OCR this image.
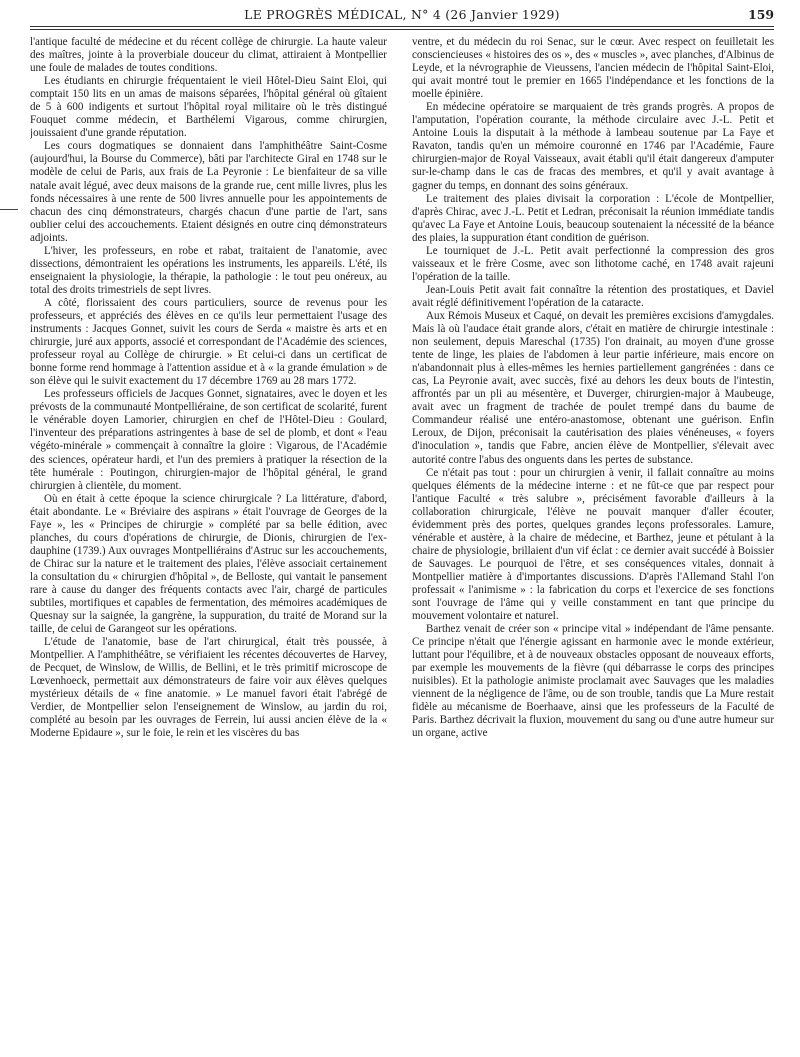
LE PROGRÈS MÉDICAL, N° 4 (26 Janvier 1929)	159

l'antique faculté de médecine et du récent collège de chirurgie. La haute valeur des maîtres, jointe à la proverbiale douceur du climat, attiraient à Montpellier une foule de malades de toutes conditions.

Les étudiants en chirurgie fréquentaient le vieil Hôtel-Dieu Saint Eloi, qui comptait 150 lits en un amas de maisons séparées, l'hôpital général où gîtaient de 5 à 600 indigents et surtout l'hôpital royal militaire où le très distingué Fouquet comme médecin, et Barthélemi Vigarous, comme chirurgien, jouissaient d'une grande réputation.

Les cours dogmatiques se donnaient dans l'amphithéâtre Saint-Cosme (aujourd'hui, la Bourse du Commerce), bâti par l'architecte Giral en 1748 sur le modèle de celui de Paris, aux frais de La Peyronie : Le bienfaiteur de sa ville natale avait légué, avec deux maisons de la grande rue, cent mille livres, plus les fonds nécessaires à une rente de 500 livres annuelle pour les appointements de chacun des cinq démonstrateurs, chargés chacun d'une partie de l'art, sans oublier celui des accouchements. Etaient désignés en outre cinq démonstrateurs adjoints.

L'hiver, les professeurs, en robe et rabat, traitaient de l'anatomie, avec dissections, démontraient les opérations les instruments, les appareils. L'été, ils enseignaient la physiologie, la thérapie, la pathologie : le tout peu onéreux, au total des droits trimestriels de sept livres.

A côté, florissaient des cours particuliers, source de revenus pour les professeurs, et appréciés des élèves en ce qu'ils leur permettaient l'usage des instruments : Jacques Gonnet, suivit les cours de Serda « maistre ès arts et en chirurgie, juré aux apports, associé et correspondant de l'Académie des sciences, professeur royal au Collège de chirurgie. » Et celui-ci dans un certificat de bonne forme rend hommage à l'attention assidue et à « la grande émulation » de son élève qui le suivit exactement du 17 décembre 1769 au 28 mars 1772.

Les professeurs officiels de Jacques Gonnet, signataires, avec le doyen et les prévosts de la communauté Montpelliéraine, de son certificat de scolarité, furent le vénérable doyen Lamorier, chirurgien en chef de l'Hôtel-Dieu : Goulard, l'inventeur des préparations astringentes à base de sel de plomb, et dont « l'eau végéto-minérale » commençait à connaître la gloire : Vigarous, de l'Académie des sciences, opérateur hardi, et l'un des premiers à pratiquer la résection de la tête humérale : Poutingon, chirurgien-major de l'hôpital général, le grand chirurgien à clientèle, du moment.

Où en était à cette époque la science chirurgicale ? La littérature, d'abord, était abondante. Le « Bréviaire des aspirans » était l'ouvrage de Georges de la Faye », les « Principes de chirurgie » complété par sa belle édition, avec planches, du cours d'opérations de chirurgie, de Dionis, chirurgien de l'ex-dauphine (1739.) Aux ouvrages Montpelliérains d'Astruc sur les accouchements, de Chirac sur la nature et le traitement des plaies, l'élève associait certainement la consultation du « chirurgien d'hôpital », de Belloste, qui vantait le pansement rare à cause du danger des fréquents contacts avec l'air, chargé de particules subtiles, mortifiques et capables de fermentation, des mémoires académiques de Quesnay sur la saignée, la gangrène, la suppuration, du traité de Morand sur la taille, de celui de Garangeot sur les opérations.

L'étude de l'anatomie, base de l'art chirurgical, était très poussée, à Montpellier. A l'amphithéâtre, se vérifiaient les récentes découvertes de Harvey, de Pecquet, de Winslow, de Willis, de Bellini, et le très primitif microscope de Lœvenhoeck, permettait aux démonstrateurs de faire voir aux élèves quelques mystérieux détails de « fine anatomie. » Le manuel favori était l'abrégé de Verdier, de Montpellier selon l'enseignement de Winslow, au jardin du roi, complété au besoin par les ouvrages de Ferrein, lui aussi ancien élève de la « Moderne Epidaure », sur le foie, le rein et les viscères du bas

ventre, et du médecin du roi Senac, sur le cœur. Avec respect on feuilletait les consciencieuses « histoires des os », des « muscles », avec planches, d'Albinus de Leyde, et la névrographie de Vieussens, l'ancien médecin de l'hôpital Saint-Eloi, qui avait montré tout le premier en 1665 l'indépendance et les fonctions de la moelle épinière.

En médecine opératoire se marquaient de très grands progrès. A propos de l'amputation, l'opération courante, la méthode circulaire avec J.-L. Petit et Antoine Louis la disputait à la méthode à lambeau soutenue par La Faye et Ravaton, tandis qu'en un mémoire couronné en 1746 par l'Académie, Faure chirurgien-major de Royal Vaisseaux, avait établi qu'il était dangereux d'amputer sur-le-champ dans le cas de fracas des membres, et qu'il y avait avantage à gagner du temps, en donnant des soins généraux.

Le traitement des plaies divisait la corporation : L'école de Montpellier, d'après Chirac, avec J.-L. Petit et Ledran, préconisait la réunion immédiate tandis qu'avec La Faye et Antoine Louis, beaucoup soutenaient la nécessité de la béance des plaies, la suppuration étant condition de guérison.

Le tourniquet de J.-L. Petit avait perfectionné la compression des gros vaisseaux et le frère Cosme, avec son lithotome caché, en 1748 avait rajeuni l'opération de la taille.

Jean-Louis Petit avait fait connaître la rétention des prostatiques, et Daviel avait réglé définitivement l'opération de la cataracte.

Aux Rémois Museux et Caqué, on devait les premières excisions d'amygdales. Mais là où l'audace était grande alors, c'était en matière de chirurgie intestinale : non seulement, depuis Mareschal (1735) l'on drainait, au moyen d'une grosse tente de linge, les plaies de l'abdomen à leur partie inférieure, mais encore on n'abandonnait plus à elles-mêmes les hernies partiellement gangrénées : dans ce cas, La Peyronie avait, avec succès, fixé au dehors les deux bouts de l'intestin, affrontés par un pli au mésentère, et Duverger, chirurgien-major à Maubeuge, avait avec un fragment de trachée de poulet trempé dans du baume de Commandeur réalisé une entéro-anastomose, obtenant une guérison. Enfin Leroux, de Dijon, préconisait la cautérisation des plaies vénéneuses, « foyers d'inoculation », tandis que Fabre, ancien élève de Montpellier, s'élevait avec autorité contre l'abus des onguents dans les pertes de substance.

Ce n'était pas tout : pour un chirurgien à venir, il fallait connaître au moins quelques éléments de la médecine interne : et ne fût-ce que par respect pour l'antique Faculté « très salubre », précisément favorable d'ailleurs à la collaboration chirurgicale, l'élève ne pouvait manquer d'aller écouter, évidemment près des portes, quelques grandes leçons professorales. Lamure, vénérable et austère, à la chaire de médecine, et Barthez, jeune et pétulant à la chaire de physiologie, brillaient d'un vif éclat : ce dernier avait succédé à Boissier de Sauvages. Le pourquoi de l'être, et ses conséquences vitales, donnait à Montpellier matière à d'importantes discussions. D'après l'Allemand Stahl l'on professait « l'animisme » : la fabrication du corps et l'exercice de ses fonctions sont l'ouvrage de l'âme qui y veille constamment en tant que principe du mouvement volontaire et naturel.

Barthez venait de créer son « principe vital » indépendant de l'âme pensante. Ce principe n'était que l'énergie agissant en harmonie avec le monde extérieur, luttant pour l'équilibre, et à de nouveaux obstacles opposant de nouveaux efforts, par exemple les mouvements de la fièvre (qui débarrasse le corps des principes nuisibles). Et la pathologie animiste proclamait avec Sauvages que les maladies viennent de la négligence de l'âme, ou de son trouble, tandis que La Mure restait fidèle au mécanisme de Boerhaave, ainsi que les professeurs de la Faculté de Paris. Barthez décrivait la fluxion, mouvement du sang ou d'une autre humeur sur un organe, active
